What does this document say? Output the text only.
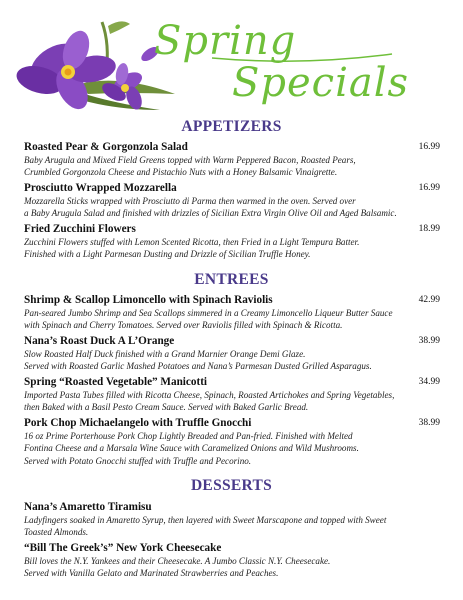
Spring
Specials
APPETIZERS
Roasted Pear & Gorgonzola Salad	16.99
Baby Arugula and Mixed Field Greens topped with Warm Peppered Bacon, Roasted Pears,
Crumbled Gorgonzola Cheese and Pistachio Nuts with a Honey Balsamic Vinaigrette.
Prosciutto Wrapped Mozzarella	16.99
Mozzarella Sticks wrapped with Prosciutto di Parma then warmed in the oven. Served over
a Baby Arugula Salad and finished with drizzles of Sicilian Extra Virgin Olive Oil and Aged Balsamic.
Fried Zucchini Flowers	18.99
Zucchini Flowers stuffed with Lemon Scented Ricotta, then Fried in a Light Tempura Batter.
Finished with a Light Parmesan Dusting and Drizzle of Sicilian Truffle Honey.
ENTREES
Shrimp & Scallop Limoncello with Spinach Raviolis	42.99
Pan-seared Jumbo Shrimp and Sea Scallops simmered in a Creamy Limoncello Liqueur Butter Sauce
with Spinach and Cherry Tomatoes. Served over Raviolis filled with Spinach & Ricotta.
Nana’s Roast Duck A L’Orange	38.99
Slow Roasted Half Duck finished with a Grand Marnier Orange Demi Glaze.
Served with Roasted Garlic Mashed Potatoes and Nana’s Parmesan Dusted Grilled Asparagus.
Spring “Roasted Vegetable” Manicotti	34.99
Imported Pasta Tubes filled with Ricotta Cheese, Spinach, Roasted Artichokes and Spring Vegetables,
then Baked with a Basil Pesto Cream Sauce. Served with Baked Garlic Bread.
Pork Chop Michaelangelo with Truffle Gnocchi	38.99
16 oz Prime Porterhouse Pork Chop Lightly Breaded and Pan-fried. Finished with Melted
Fontina Cheese and a Marsala Wine Sauce with Caramelized Onions and Wild Mushrooms.
Served with Potato Gnocchi stuffed with Truffle and Pecorino.
DESSERTS
Nana’s Amaretto Tiramisu
Ladyfingers soaked in Amaretto Syrup, then layered with Sweet Marscapone and topped with Sweet
Toasted Almonds.
“Bill The Greek’s” New York Cheesecake
Bill loves the N.Y. Yankees and their Cheesecake. A Jumbo Classic N.Y. Cheesecake.
Served with Vanilla Gelato and Marinated Strawberries and Peaches.
